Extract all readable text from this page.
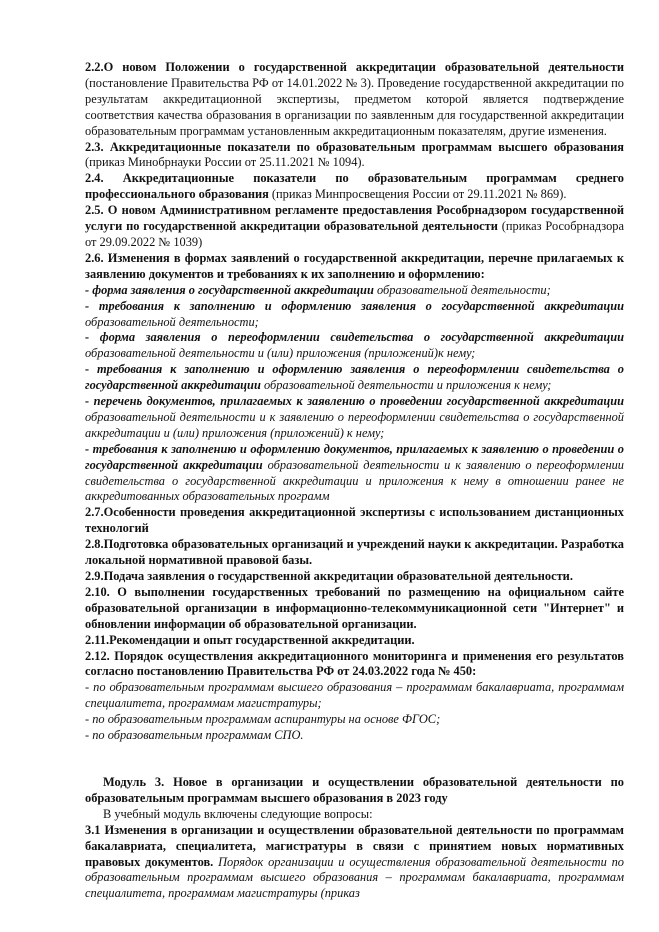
2.2.О новом Положении о государственной аккредитации образовательной деятельности (постановление Правительства РФ от 14.01.2022 № 3). Проведение государственной аккредитации по результатам аккредитационной экспертизы, предметом которой является подтверждение соответствия качества образования в организации по заявленным для государственной аккредитации образовательным программам установленным аккредитационным показателям, другие изменения.

2.3. Аккредитационные показатели по образовательным программам высшего образования (приказ Минобрнауки России от 25.11.2021 № 1094).

2.4. Аккредитационные показатели по образовательным программам среднего профессионального образования (приказ Минпросвещения России от 29.11.2021 № 869).

2.5. О новом Административном регламенте предоставления Рособрнадзором государственной услуги по государственной аккредитации образовательной деятельности (приказ Рособрнадзора от 29.09.2022 № 1039)

2.6. Изменения в формах заявлений о государственной аккредитации, перечне прилагаемых к заявлению документов и требованиях к их заполнению и оформлению:

- форма заявления о государственной аккредитации образовательной деятельности;

- требования к заполнению и оформлению заявления о государственной аккредитации образовательной деятельности;

- форма заявления о переоформлении свидетельства о государственной аккредитации образовательной деятельности и (или) приложения (приложений)к нему;

- требования к заполнению и оформлению заявления о переоформлении свидетельства о государственной аккредитации образовательной деятельности и приложения к нему;

- перечень документов, прилагаемых к заявлению о проведении государственной аккредитации образовательной деятельности и к заявлению о переоформлении свидетельства о государственной аккредитации и (или) приложения (приложений) к нему;

- требования к заполнению и оформлению документов, прилагаемых к заявлению о проведении о государственной аккредитации образовательной деятельности и к заявлению о переоформлении свидетельства о государственной аккредитации и приложения к нему в отношении ранее не аккредитованных образовательных программ

2.7.Особенности проведения аккредитационной экспертизы с использованием дистанционных технологий

2.8.Подготовка образовательных организаций и учреждений науки к аккредитации. Разработка локальной нормативной правовой базы.

2.9.Подача заявления о государственной аккредитации образовательной деятельности.

2.10. О выполнении государственных требований по размещению на официальном сайте образовательной организации в информационно-телекоммуникационной сети "Интернет" и обновлении информации об образовательной организации.

2.11.Рекомендации и опыт государственной аккредитации.

2.12. Порядок осуществления аккредитационного мониторинга и применения его результатов согласно постановлению Правительства РФ от 24.03.2022 года № 450:

- по образовательным программам высшего образования – программам бакалавриата, программам специалитета, программам магистратуры;

- по образовательным программам аспирантуры на основе ФГОС;

- по образовательным программам СПО.

Модуль 3. Новое в организации и осуществлении образовательной деятельности по образовательным программам высшего образования в 2023 году

В учебный модуль включены следующие вопросы:

3.1 Изменения в организации и осуществлении образовательной деятельности по программам бакалавриата, специалитета, магистратуры в связи с принятием новых нормативных правовых документов. Порядок организации и осуществления образовательной деятельности по образовательным программам высшего образования – программам бакалавриата, программам специалитета, программам магистратуры (приказ
